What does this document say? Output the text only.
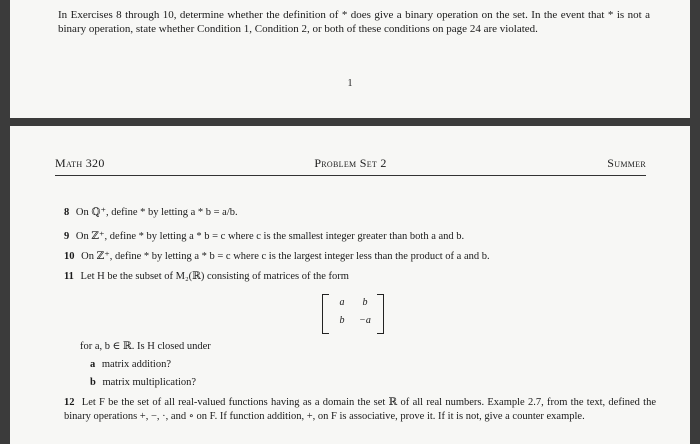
In Exercises 8 through 10, determine whether the definition of * does give a binary operation on the set. In the event that * is not a binary operation, state whether Condition 1, Condition 2, or both of these conditions on page 24 are violated.
1
Math 320	Problem Set 2	Summer
8 On ℚ⁺, define * by letting a * b = a/b.
9 On ℤ⁺, define * by letting a * b = c where c is the smallest integer greater than both a and b.
10 On ℤ⁺, define * by letting a * b = c where c is the largest integer less than the product of a and b.
11 Let H be the subset of M₂(ℝ) consisting of matrices of the form
a	b
b	−a
for a, b ∈ ℝ. Is H closed under
a matrix addition?
b matrix multiplication?
12 Let F be the set of all real-valued functions having as a domain the set ℝ of all real numbers. Example 2.7, from the text, defined the binary operations +, −, ·, and ∘ on F. If function addition, +, on F is associative, prove it. If it is not, give a counter example.
